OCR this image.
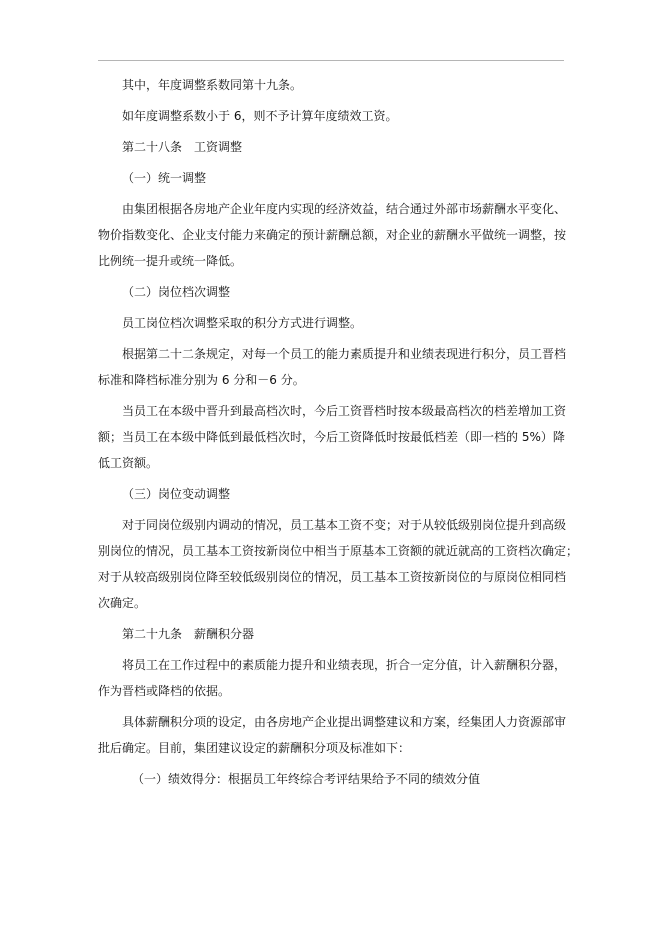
其中，年度调整系数同第十九条。
如年度调整系数小于 6，则不予计算年度绩效工资。
第二十八条　工资调整
（一）统一调整
由集团根据各房地产企业年度内实现的经济效益，结合通过外部市场薪酬水平变化、
物价指数变化、企业支付能力来确定的预计薪酬总额，对企业的薪酬水平做统一调整，按
比例统一提升或统一降低。
（二）岗位档次调整
员工岗位档次调整采取的积分方式进行调整。
根据第二十二条规定，对每一个员工的能力素质提升和业绩表现进行积分，员工晋档
标准和降档标准分别为 6 分和－6 分。
当员工在本级中晋升到最高档次时，今后工资晋档时按本级最高档次的档差增加工资
额；当员工在本级中降低到最低档次时，今后工资降低时按最低档差（即一档的 5%）降
低工资额。
（三）岗位变动调整
对于同岗位级别内调动的情况，员工基本工资不变；对于从较低级别岗位提升到高级
别岗位的情况，员工基本工资按新岗位中相当于原基本工资额的就近就高的工资档次确定；
对于从较高级别岗位降至较低级别岗位的情况，员工基本工资按新岗位的与原岗位相同档
次确定。
第二十九条　薪酬积分器
将员工在工作过程中的素质能力提升和业绩表现，折合一定分值，计入薪酬积分器，
作为晋档或降档的依据。
具体薪酬积分项的设定，由各房地产企业提出调整建议和方案，经集团人力资源部审
批后确定。目前，集团建议设定的薪酬积分项及标准如下：
（一）绩效得分：根据员工年终综合考评结果给予不同的绩效分值
